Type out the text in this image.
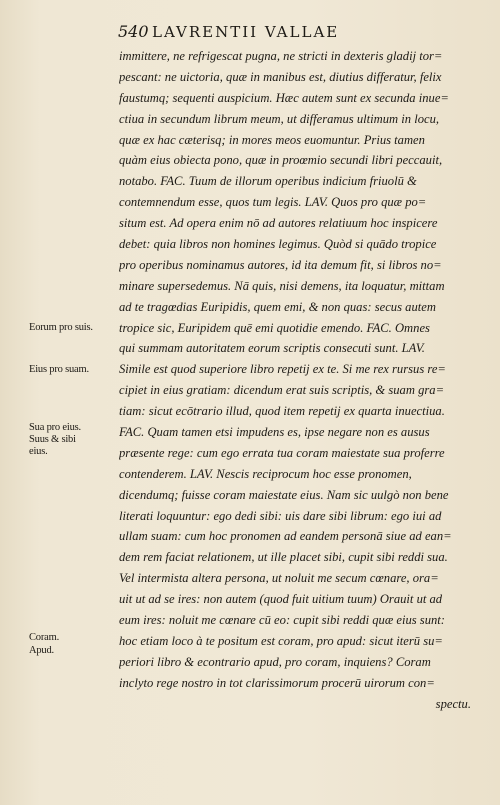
540 LAVRENTII VALLAE
immittere, ne refrigescat pugna, ne stricti in dexteris gladij tor=
pescant: ne uictoria, quæ in manibus est, diutius differatur, felix
faustumq; sequenti auspicium. Hæc autem sunt ex secunda inue=
ctiua in secundum librum meum, ut differamus ultimum in locu,
quæ ex hac cæterisq; in mores meos euomuntur. Prius tamen
quàm eius obiecta pono, quæ in proœmio secundi libri peccauit,
notabo. FAC. Tuum de illorum operibus indicium friuolū &
contemnendum esse, quos tum legis. LAV. Quos pro quæ po=
situm est. Ad opera enim nō ad autores relatiuum hoc inspicere
debet: quia libros non homines legimus. Quòd si quādo tropice
pro operibus nominamus autores, id ita demum fit, si libros no=
minare supersedemus. Nā quis, nisi demens, ita loquatur, mittam
ad te tragœdias Euripidis, quem emi, & non quas: secus autem
tropice sic, Euripidem quē emi quotidie emendo. FAC. Omnes
qui summam autoritatem eorum scriptis consecuti sunt. LAV.
Simile est quod superiore libro repetij ex te. Si me rex rursus re=
cipiet in eius gratiam: dicendum erat suis scriptis, & suam gra=
tiam: sicut ecōtrario illud, quod item repetij ex quarta inuectiua.
FAC. Quam tamen etsi impudens es, ipse negare non es ausus
præsente rege: cum ego errata tua coram maiestate sua proferre
contenderem. LAV. Nescis reciprocum hoc esse pronomen,
dicendumq; fuisse coram maiestate eius. Nam sic uulgò non bene
literati loquuntur: ego dedi sibi: uis dare sibi librum: ego iui ad
ullam suam: cum hoc pronomen ad eandem personā siue ad ean=
dem rem faciat relationem, ut ille placet sibi, cupit sibi reddi sua.
Vel intermista altera persona, ut noluit me secum cœnare, ora=
uit ut ad se ires: non autem (quod fuit uitium tuum) Orauit ut ad
eum ires: noluit me cœnare cū eo: cupit sibi reddi quæ eius sunt:
hoc etiam loco à te positum est coram, pro apud: sicut iterū su=
periori libro & econtrario apud, pro coram, inquiens? Coram
inclyto rege nostro in tot clarissimorum procerū uirorum con=
spectu.
Eorum pro suis.
Eius pro suam.
Sua pro eius.
Suus & sibi
eius.
Coram.
Apud.
